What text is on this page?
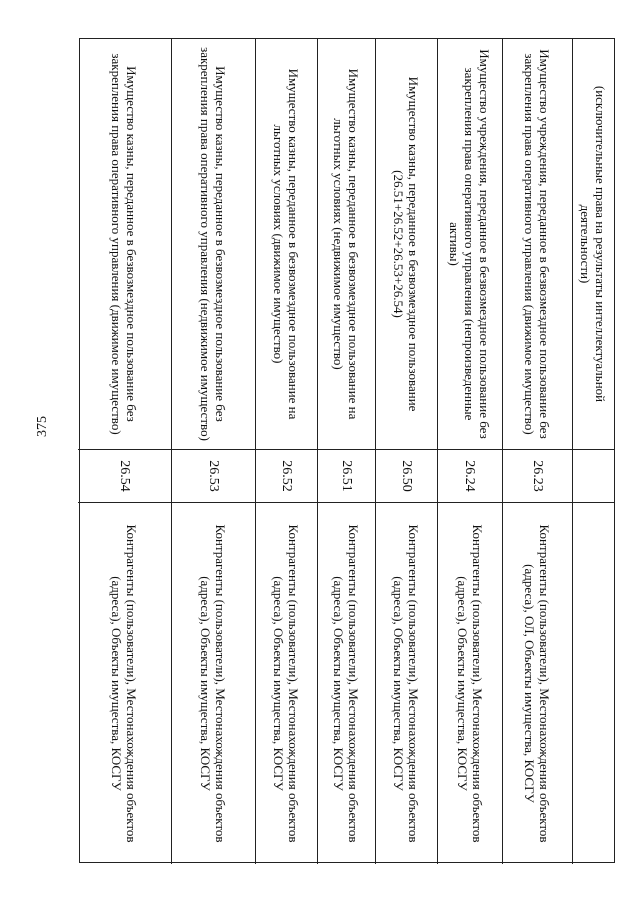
375
(исключительные права на результаты интеллектуальной деятельности)
Имущество учреждения, переданное в безвозмездное пользование без закрепления права оперативного управления (движимое имущество)
26.23
Контрагенты (пользователи), Местонахождения объектов (адреса), ОЛ, Объекты имущества, КОСГУ
Имущество учреждения, переданное в безвозмездное пользование без закрепления права оперативного управления (непроизведенные активы)
26.24
Контрагенты (пользователи), Местонахождения объектов (адреса), Объекты имущества, КОСГУ
Имущество казны, переданное в безвозмездное пользование (26.51+26.52+26.53+26.54)
26.50
Контрагенты (пользователи), Местонахождения объектов (адреса), Объекты имущества, КОСГУ
Имущество казны, переданное в безвозмездное пользование на льготных условиях (недвижимое имущество)
26.51
Контрагенты (пользователи), Местонахождения объектов (адреса), Объекты имущества, КОСГУ
Имущество казны, переданное в безвозмездное пользование на льготных условиях (движимое имущество)
26.52
Контрагенты (пользователи), Местонахождения объектов (адреса), Объекты имущества, КОСГУ
Имущество казны, переданное в безвозмездное пользование без закрепления права оперативного управления (недвижимое имущество)
26.53
Контрагенты (пользователи), Местонахождения объектов (адреса), Объекты имущества, КОСГУ
Имущество казны, переданное в безвозмездное пользование без закрепления права оперативного управления (движимое имущество)
26.54
Контрагенты (пользователи), Местонахождения объектов (адреса), Объекты имущества, КОСГУ
